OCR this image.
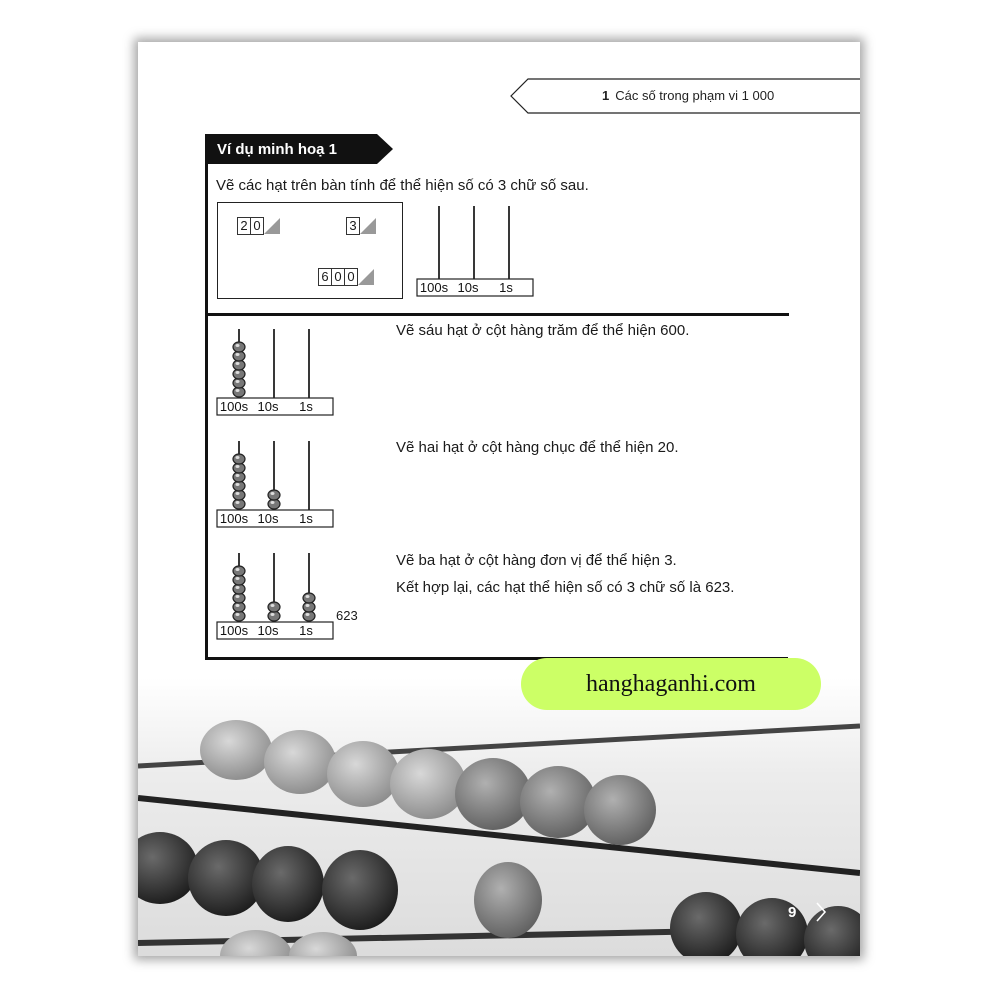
1 Các số trong phạm vi 1 000
Ví dụ minh hoạ 1
Vẽ các hạt trên bàn tính để thể hiện số có 3 chữ số sau.
2 0	3
6 0 0
100s 10s 1s
100s 10s 1s
100s 10s 1s
100s 10s 1s
Vẽ sáu hạt ở cột hàng trăm để thể hiện 600.
Vẽ hai hạt ở cột hàng chục để thể hiện 20.
Vẽ ba hạt ở cột hàng đơn vị để thể hiện 3.
Kết hợp lại, các hạt thể hiện số có 3 chữ số là 623.
623
9
hanghaganhi.com
